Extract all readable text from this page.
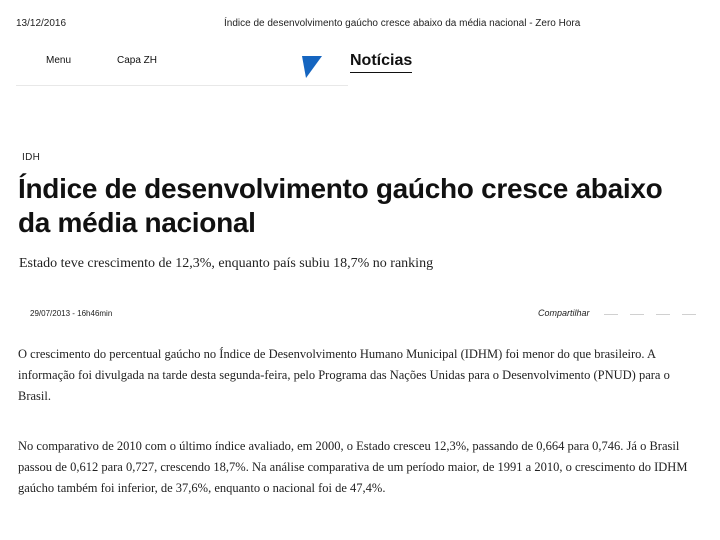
13/12/2016	Índice de desenvolvimento gaúcho cresce abaixo da média nacional - Zero Hora
Menu	Capa ZH	Notícias
IDH
Índice de desenvolvimento gaúcho cresce abaixo da média nacional
Estado teve crescimento de 12,3%, enquanto país subiu 18,7% no ranking
29/07/2013 - 16h46min	Compartilhar

O crescimento do percentual gaúcho no Índice de Desenvolvimento Humano Municipal (IDHM) foi menor do que brasileiro. A informação foi divulgada na tarde desta segunda-feira, pelo Programa das Nações Unidas para o Desenvolvimento (PNUD) para o Brasil.

No comparativo de 2010 com o último índice avaliado, em 2000, o Estado cresceu 12,3%, passando de 0,664 para 0,746. Já o Brasil passou de 0,612 para 0,727, crescendo 18,7%. Na análise comparativa de um período maior, de 1991 a 2010, o crescimento do IDHM gaúcho também foi inferior, de 37,6%, enquanto o nacional foi de 47,4%.
